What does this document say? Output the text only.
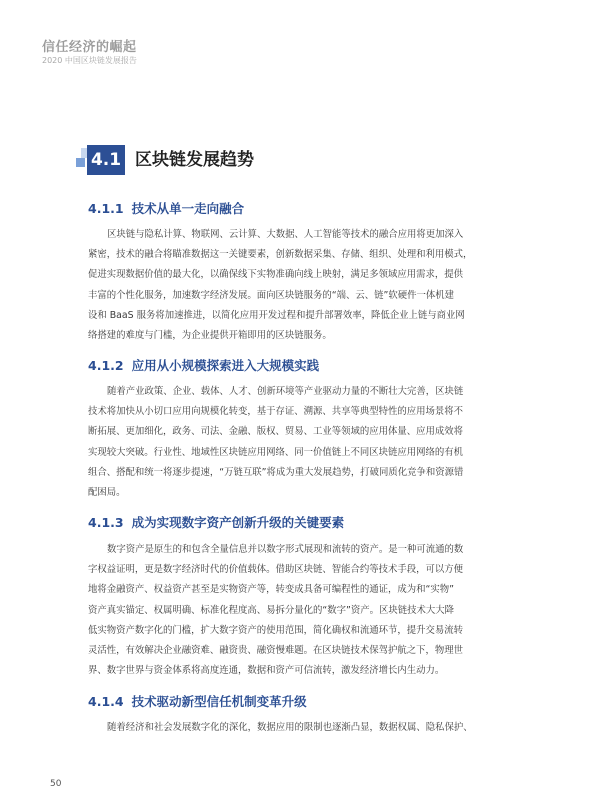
信任经济的崛起
2020 中国区块链发展报告
4.1 区块链发展趋势
4.1.1 技术从单一走向融合
区块链与隐私计算、物联网、云计算、大数据、人工智能等技术的融合应用将更加深入
紧密，技术的融合将瞄准数据这一关键要素，创新数据采集、存储、组织、处理和利用模式，
促进实现数据价值的最大化，以确保线下实物准确向线上映射，满足多领域应用需求，提供
丰富的个性化服务，加速数字经济发展。面向区块链服务的“端、云、链”软硬件一体机建
设和 BaaS 服务将加速推进，以简化应用开发过程和提升部署效率，降低企业上链与商业网
络搭建的难度与门槛，为企业提供开箱即用的区块链服务。
4.1.2 应用从小规模探索进入大规模实践
随着产业政策、企业、载体、人才、创新环境等产业驱动力量的不断壮大完善，区块链
技术将加快从小切口应用向规模化转变，基于存证、溯源、共享等典型特性的应用场景将不
断拓展、更加细化，政务、司法、金融、版权、贸易、工业等领域的应用体量、应用成效将
实现较大突破。行业性、地域性区块链应用网络、同一价值链上不同区块链应用网络的有机
组合、搭配和统一将逐步提速，“万链互联”将成为重大发展趋势，打破同质化竞争和资源错
配困局。
4.1.3 成为实现数字资产创新升级的关键要素
数字资产是原生的和包含全量信息并以数字形式展现和流转的资产。是一种可流通的数
字权益证明，更是数字经济时代的价值载体。借助区块链、智能合约等技术手段，可以方便
地将金融资产、权益资产甚至是实物资产等，转变成具备可编程性的通证，成为和“实物”
资产真实锚定、权属明确、标准化程度高、易拆分量化的“数字”资产。区块链技术大大降
低实物资产数字化的门槛，扩大数字资产的使用范围，简化确权和流通环节，提升交易流转
灵活性，有效解决企业融资难、融资贵、融资慢难题。在区块链技术保驾护航之下，物理世
界、数字世界与资金体系将高度连通，数据和资产可信流转，激发经济增长内生动力。
4.1.4 技术驱动新型信任机制变革升级
随着经济和社会发展数字化的深化，数据应用的限制也逐渐凸显，数据权属、隐私保护、
50
